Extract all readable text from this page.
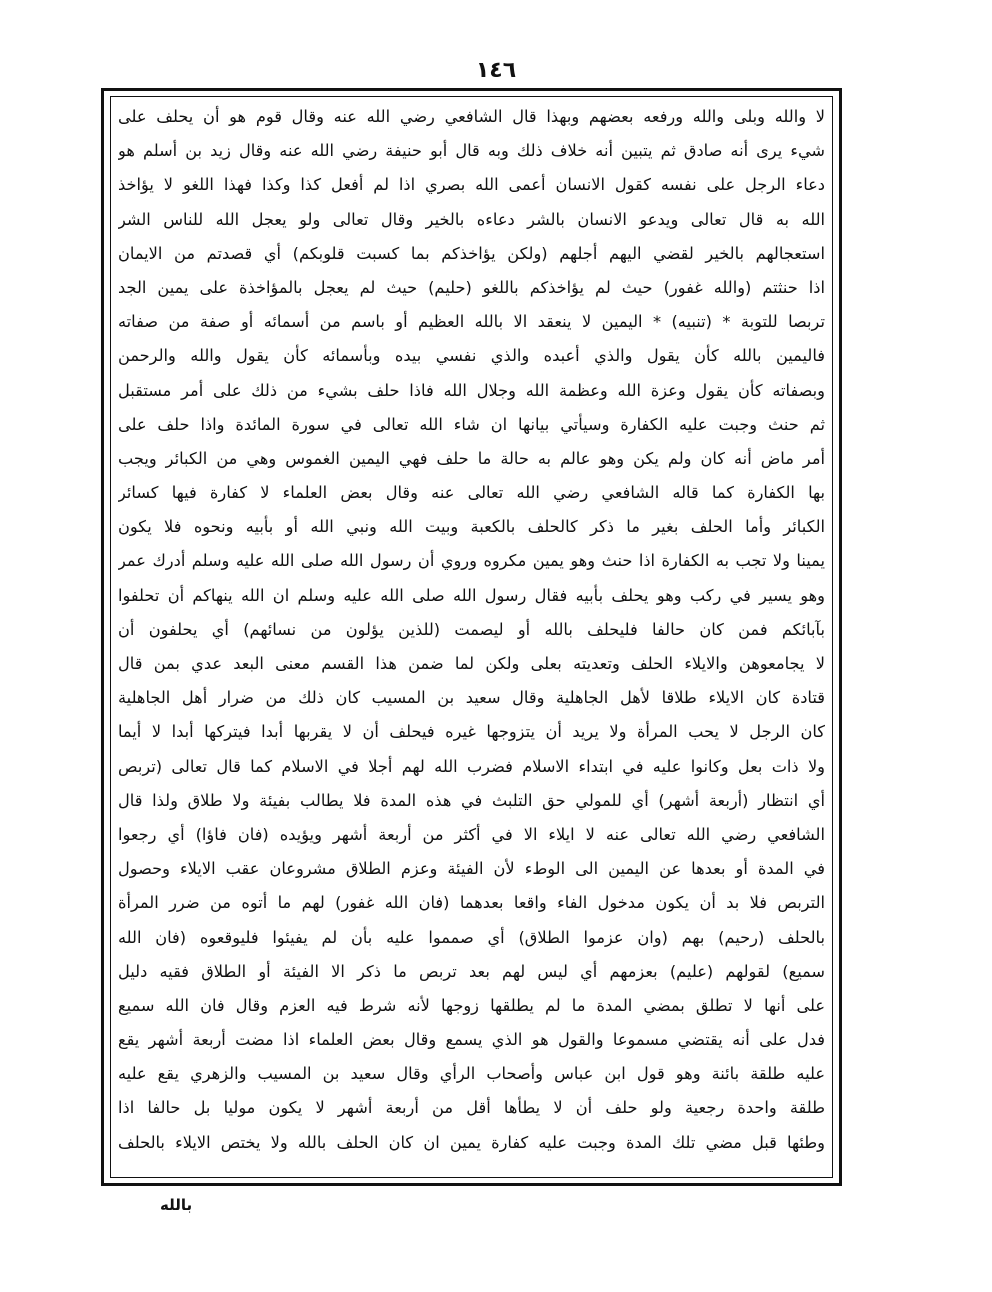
١٤٦
لا والله وبلى والله ورفعه بعضهم وبهذا قال الشافعي رضي الله عنه وقال قوم هو أن يحلف على
شيء يرى أنه صادق ثم يتبين أنه خلاف ذلك وبه قال أبو حنيفة رضي الله عنه وقال زيد بن أسلم هو
دعاء الرجل على نفسه كقول الانسان أعمى الله بصري اذا لم أفعل كذا وكذا فهذا اللغو لا يؤاخذ
الله به قال تعالى ويدعو الانسان بالشر دعاءه بالخير وقال تعالى ولو يعجل الله للناس الشر
استعجالهم بالخير لقضي اليهم أجلهم (ولكن يؤاخذكم بما كسبت قلوبكم) أي قصدتم من الايمان
اذا حنثتم (والله غفور) حيث لم يؤاخذكم باللغو (حليم) حيث لم يعجل بالمؤاخذة على يمين الجد
تربصا للتوبة * (تنبيه) * اليمين لا ينعقد الا بالله العظيم أو باسم من أسمائه أو صفة من صفاته
فاليمين بالله كأن يقول والذي أعبده والذي نفسي بيده وبأسمائه كأن يقول والله والرحمن
وبصفاته كأن يقول وعزة الله وعظمة الله وجلال الله فاذا حلف بشيء من ذلك على أمر مستقبل
ثم حنث وجبت عليه الكفارة وسيأتي بيانها ان شاء الله تعالى في سورة المائدة واذا حلف على
أمر ماض أنه كان ولم يكن وهو عالم به حالة ما حلف فهي اليمين الغموس وهي من الكبائر ويجب
بها الكفارة كما قاله الشافعي رضي الله تعالى عنه وقال بعض العلماء لا كفارة فيها كسائر
الكبائر وأما الحلف بغير ما ذكر كالحلف بالكعبة وبيت الله ونبي الله أو بأبيه ونحوه فلا يكون
يمينا ولا تجب به الكفارة اذا حنث وهو يمين مكروه وروي أن رسول الله صلى الله عليه وسلم أدرك عمر
وهو يسير في ركب وهو يحلف بأبيه فقال رسول الله صلى الله عليه وسلم ان الله ينهاكم أن تحلفوا
بآبائكم فمن كان حالفا فليحلف بالله أو ليصمت (للذين يؤلون من نسائهم) أي يحلفون أن
لا يجامعوهن والايلاء الحلف وتعديته بعلى ولكن لما ضمن هذا القسم معنى البعد عدي بمن قال
قتادة كان الايلاء طلاقا لأهل الجاهلية وقال سعيد بن المسيب كان ذلك من ضرار أهل الجاهلية
كان الرجل لا يحب المرأة ولا يريد أن يتزوجها غيره فيحلف أن لا يقربها أبدا فيتركها أبدا لا أيما
ولا ذات بعل وكانوا عليه في ابتداء الاسلام فضرب الله لهم أجلا في الاسلام كما قال تعالى (تربص
أي انتظار (أربعة أشهر) أي للمولي حق التلبث في هذه المدة فلا يطالب بفيئة ولا طلاق ولذا قال
الشافعي رضي الله تعالى عنه لا ايلاء الا في أكثر من أربعة أشهر ويؤيده (فان فاؤا) أي رجعوا
في المدة أو بعدها عن اليمين الى الوطء لأن الفيئة وعزم الطلاق مشروعان عقب الايلاء وحصول
التربص فلا بد أن يكون مدخول الفاء واقعا بعدهما (فان الله غفور) لهم ما أتوه من ضرر المرأة
بالحلف (رحيم) بهم (وان عزموا الطلاق) أي صمموا عليه بأن لم يفيئوا فليوقعوه (فان الله
سميع) لقولهم (عليم) بعزمهم أي ليس لهم بعد تربص ما ذكر الا الفيئة أو الطلاق فقيه دليل
على أنها لا تطلق بمضي المدة ما لم يطلقها زوجها لأنه شرط فيه العزم وقال فان الله سميع
فدل على أنه يقتضي مسموعا والقول هو الذي يسمع وقال بعض العلماء اذا مضت أربعة أشهر يقع
عليه طلقة بائنة وهو قول ابن عباس وأصحاب الرأي وقال سعيد بن المسيب والزهري يقع عليه
طلقة واحدة رجعية ولو حلف أن لا يطأها أقل من أربعة أشهر لا يكون موليا بل حالفا اذا
وطئها قبل مضي تلك المدة وجبت عليه كفارة يمين ان كان الحلف بالله ولا يختص الايلاء بالحلف
بالله
